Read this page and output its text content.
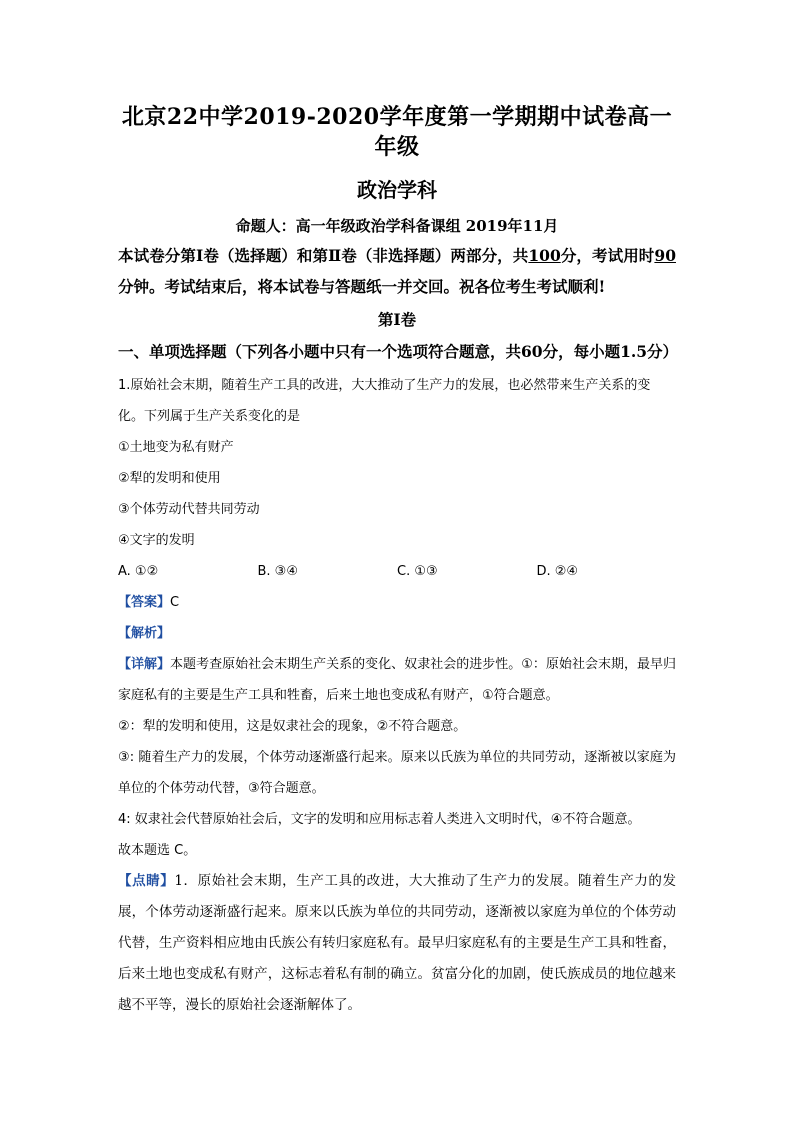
北京22中学2019-2020学年度第一学期期中试卷高一年级
政治学科

命题人：高一年级政治学科备课组 2019年11月

本试卷分第Ⅰ卷（选择题）和第Ⅱ卷（非选择题）两部分，共100分，考试用时90分钟。考试结束后，将本试卷与答题纸一并交回。祝各位考生考试顺利!

第Ⅰ卷

一、单项选择题（下列各小题中只有一个选项符合题意，共60分，每小题1.5分）

1.原始社会末期，随着生产工具的改进，大大推动了生产力的发展，也必然带来生产关系的变化。下列属于生产关系变化的是

①土地变为私有财产

②犁的发明和使用

③个体劳动代替共同劳动

④文字的发明

A. ①②	B. ③④	C. ①③	D. ②④

【答案】C

【解析】

【详解】本题考查原始社会末期生产关系的变化、奴隶社会的进步性。①：原始社会末期，最早归家庭私有的主要是生产工具和牲畜，后来土地也变成私有财产，①符合题意。

②：犁的发明和使用，这是奴隶社会的现象，②不符合题意。

③: 随着生产力的发展，个体劳动逐渐盛行起来。原来以氏族为单位的共同劳动，逐渐被以家庭为单位的个体劳动代替，③符合题意。

4: 奴隶社会代替原始社会后，文字的发明和应用标志着人类进入文明时代，④不符合题意。

故本题选 C。

【点睛】1．原始社会末期，生产工具的改进，大大推动了生产力的发展。随着生产力的发展，个体劳动逐渐盛行起来。原来以氏族为单位的共同劳动，逐渐被以家庭为单位的个体劳动代替，生产资料相应地由氏族公有转归家庭私有。最早归家庭私有的主要是生产工具和牲畜，后来土地也变成私有财产，这标志着私有制的确立。贫富分化的加剧，使氏族成员的地位越来越不平等，漫长的原始社会逐渐解体了。
